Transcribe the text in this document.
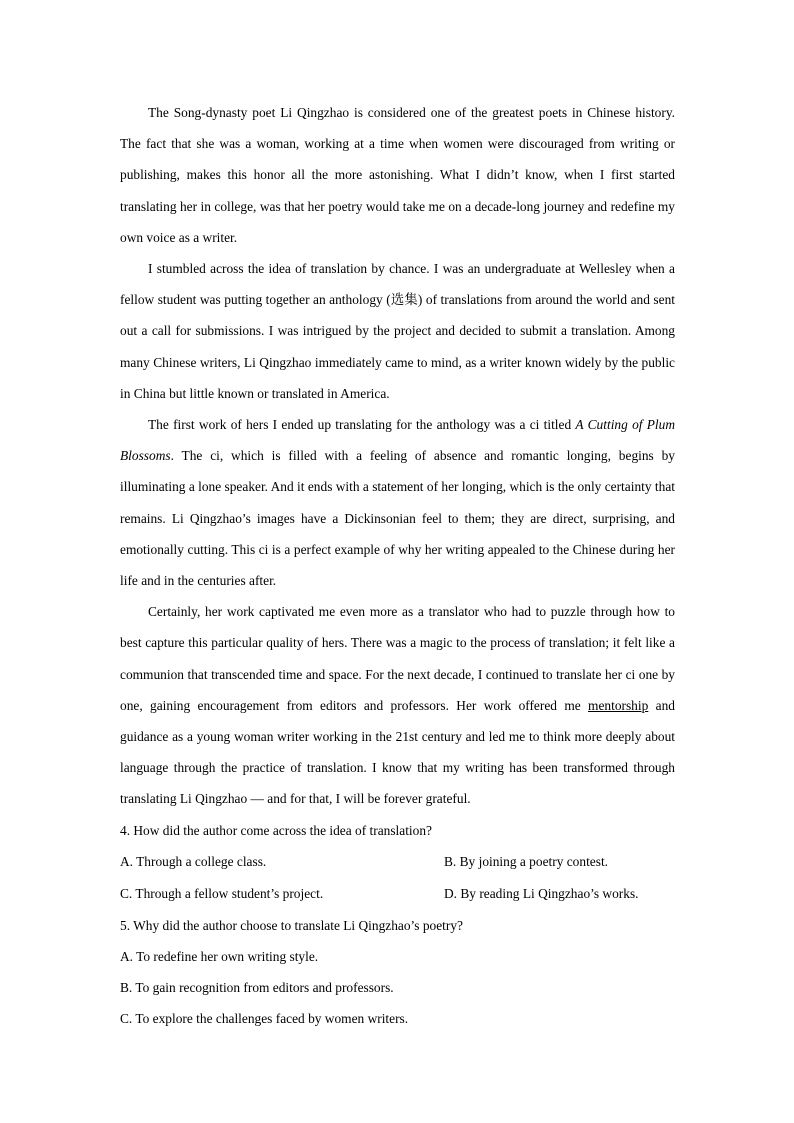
The Song-dynasty poet Li Qingzhao is considered one of the greatest poets in Chinese history. The fact that she was a woman, working at a time when women were discouraged from writing or publishing, makes this honor all the more astonishing. What I didn’t know, when I first started translating her in college, was that her poetry would take me on a decade-long journey and redefine my own voice as a writer.

I stumbled across the idea of translation by chance. I was an undergraduate at Wellesley when a fellow student was putting together an anthology (选集) of translations from around the world and sent out a call for submissions. I was intrigued by the project and decided to submit a translation. Among many Chinese writers, Li Qingzhao immediately came to mind, as a writer known widely by the public in China but little known or translated in America.

The first work of hers I ended up translating for the anthology was a ci titled A Cutting of Plum Blossoms. The ci, which is filled with a feeling of absence and romantic longing, begins by illuminating a lone speaker. And it ends with a statement of her longing, which is the only certainty that remains. Li Qingzhao’s images have a Dickinsonian feel to them; they are direct, surprising, and emotionally cutting. This ci is a perfect example of why her writing appealed to the Chinese during her life and in the centuries after.

Certainly, her work captivated me even more as a translator who had to puzzle through how to best capture this particular quality of hers. There was a magic to the process of translation; it felt like a communion that transcended time and space. For the next decade, I continued to translate her ci one by one, gaining encouragement from editors and professors. Her work offered me mentorship and guidance as a young woman writer working in the 21st century and led me to think more deeply about language through the practice of translation. I know that my writing has been transformed through translating Li Qingzhao — and for that, I will be forever grateful.

4. How did the author come across the idea of translation?

A. Through a college class.	B. By joining a poetry contest.
C. Through a fellow student’s project.	D. By reading Li Qingzhao’s works.

5. Why did the author choose to translate Li Qingzhao’s poetry?

A. To redefine her own writing style.

B. To gain recognition from editors and professors.

C. To explore the challenges faced by women writers.
